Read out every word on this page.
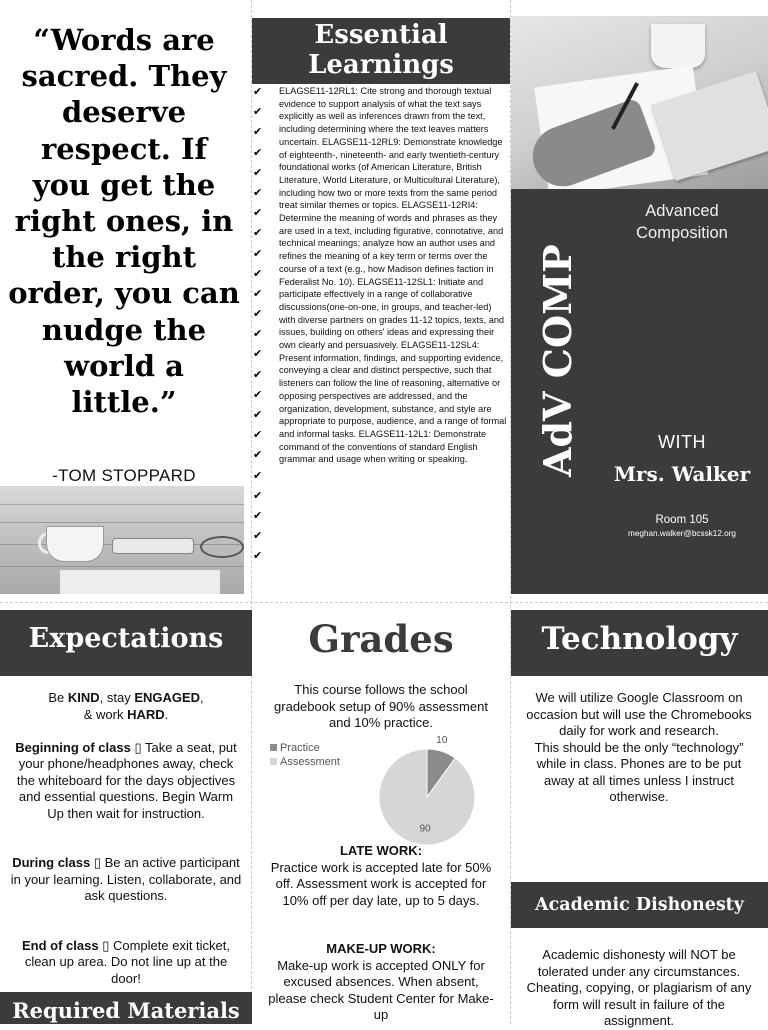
“Words are sacred. They deserve respect. If you get the right ones, in the right order, you can nudge the world a little.”
-TOM STOPPARD
Essential Learnings
✔
✔
✔
✔
✔
✔
✔
✔
✔
✔
✔
✔
✔
✔
✔
✔
✔
✔
✔
✔
✔
✔
✔
✔
ELAGSE11-12RL1: Cite strong and thorough textual evidence to support analysis of what the text says explicitly as well as inferences drawn from the text, including determining where the text leaves matters uncertain. ELAGSE11-12RL9: Demonstrate knowledge of eighteenth-, nineteenth- and early twentieth-century foundational works (of American Literature, British Literature, World Literature, or Multicultural Literature), including how two or more texts from the same period treat similar themes or topics. ELAGSE11-12RI4: Determine the meaning of words and phrases as they are used in a text, including figurative, connotative, and technical meanings; analyze how an author uses and refines the meaning of a key term or terms over the course of a text (e.g., how Madison defines faction in Federalist No. 10). ELAGSE11-12SL1: Initiate and participate effectively in a range of collaborative discussions(one-on-one, in groups, and teacher-led) with diverse partners on grades 11-12 topics, texts, and issues, building on others' ideas and expressing their own clearly and persuasively. ELAGSE11-12SL4: Present information, findings, and supporting evidence, conveying a clear and distinct perspective, such that listeners can follow the line of reasoning, alternative or opposing perspectives are addressed, and the organization, development, substance, and style are appropriate to purpose, audience, and a range of formal and informal tasks. ELAGSE11-12L1: Demonstrate command of the conventions of standard English grammar and usage when writing or speaking.	AdV COMP
Advanced Composition
WITH
Mrs. Walker
Room 105
meghan.walker@bcssk12.org
Expectations	Grades	Technology

Be KIND, stay ENGAGED,
& work HARD.

Beginning of class ▯ Take a seat, put your phone/headphones away, check the whiteboard for the days objectives and essential questions. Begin Warm Up then wait for instruction.

During class ▯ Be an active participant in your learning. Listen, collaborate, and ask questions.

End of class ▯ Complete exit ticket, clean up area. Do not line up at the door!

Required Materials
This course follows the school gradebook setup of 90% assessment and 10% practice.
Practice
Assessment
10
90
LATE WORK:
Practice work is accepted late for 50% off. Assessment work is accepted for 10% off per day late, up to 5 days.
MAKE-UP WORK:
Make-up work is accepted ONLY for excused absences. When absent, please check Student Center for Make-up

We will utilize Google Classroom on occasion but will use the Chromebooks daily for work and research.

This should be the only “technology” while in class. Phones are to be put away at all times unless I instruct otherwise.

Academic Dishonesty
Academic dishonesty will NOT be tolerated under any circumstances. Cheating, copying, or plagiarism of any form will result in failure of the assignment.
